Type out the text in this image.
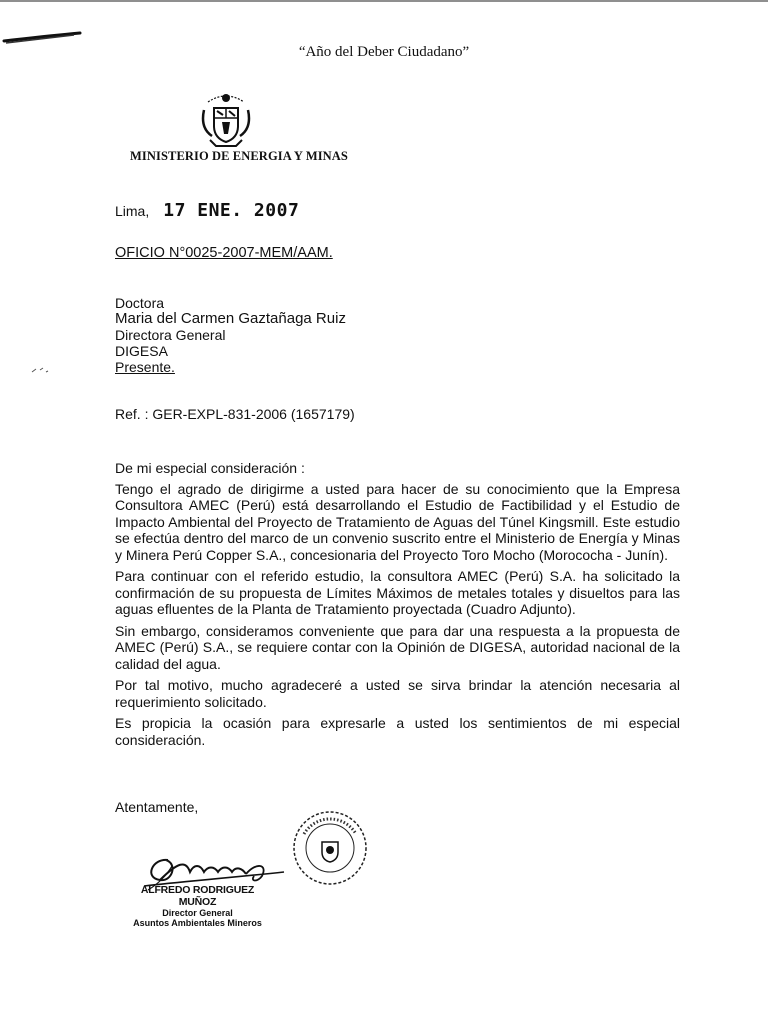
“Año del Deber Ciudadano”
MINISTERIO DE ENERGIA Y MINAS
Lima, 17 ENE. 2007
OFICIO N°0025-2007-MEM/AAM.
Doctora
Maria del Carmen Gaztañaga Ruiz
Directora General
DIGESA
Presente.
Ref. : GER-EXPL-831-2006 (1657179)

De mi especial consideración :

Tengo el agrado de dirigirme a usted para hacer de su conocimiento que la Empresa Consultora AMEC (Perú) está desarrollando el Estudio de Factibilidad y el Estudio de Impacto Ambiental del Proyecto de Tratamiento de Aguas del Túnel Kingsmill. Este estudio se efectúa dentro del marco de un convenio suscrito entre el Ministerio de Energía y Minas y Minera Perú Copper S.A., concesionaria del Proyecto Toro Mocho (Morococha - Junín).

Para continuar con el referido estudio, la consultora AMEC (Perú) S.A. ha solicitado la confirmación de su propuesta de Límites Máximos de metales totales y disueltos para las aguas efluentes de la Planta de Tratamiento proyectada (Cuadro Adjunto).

Sin embargo, consideramos conveniente que para dar una respuesta a la propuesta de AMEC (Perú) S.A., se requiere contar con la Opinión de DIGESA, autoridad nacional de la calidad del agua.

Por tal motivo, mucho agradeceré a usted se sirva brindar la atención necesaria al requerimiento solicitado.

Es propicia la ocasión para expresarle a usted los sentimientos de mi especial consideración.

Atentamente,
ALFREDO RODRIGUEZ MUÑOZ
Director General
Asuntos Ambientales Mineros
